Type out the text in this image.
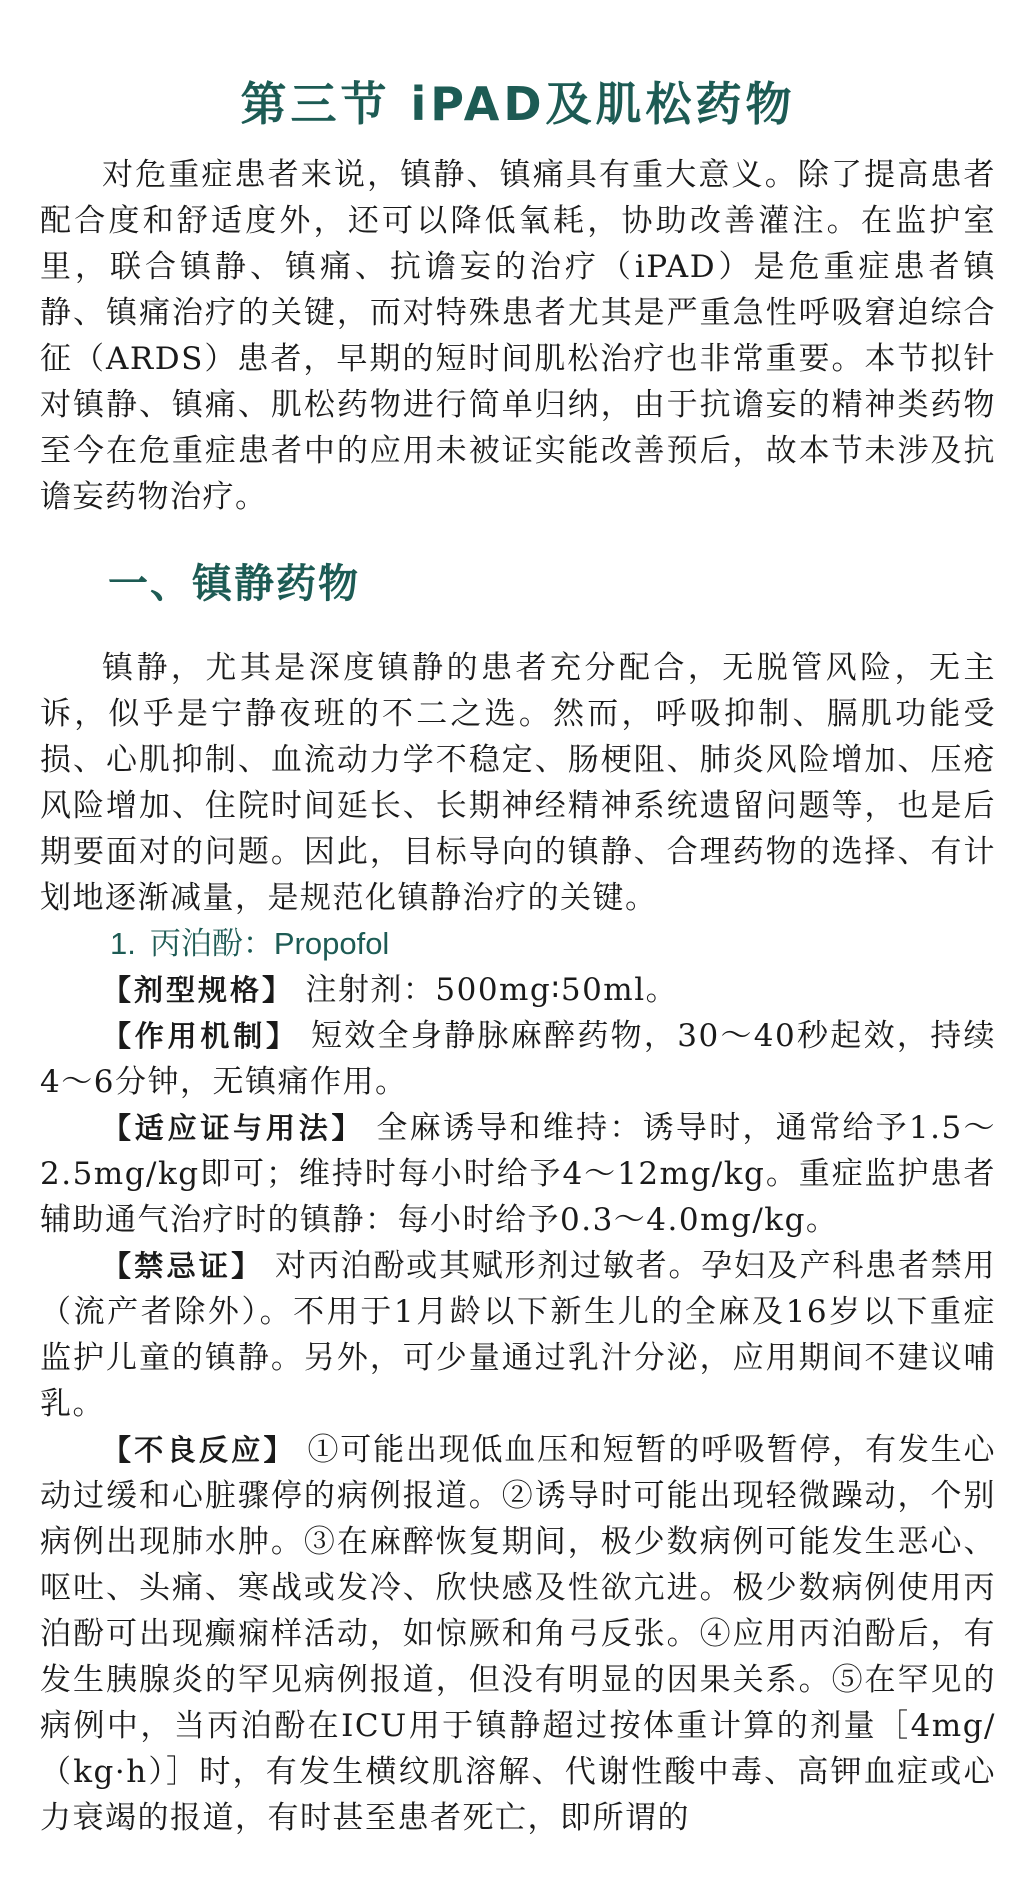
第三节 iPAD及肌松药物

对危重症患者来说，镇静、镇痛具有重大意义。除了提高患者配合度和舒适度外，还可以降低氧耗，协助改善灌注。在监护室里，联合镇静、镇痛、抗谵妄的治疗（iPAD）是危重症患者镇静、镇痛治疗的关键，而对特殊患者尤其是严重急性呼吸窘迫综合征（ARDS）患者，早期的短时间肌松治疗也非常重要。本节拟针对镇静、镇痛、肌松药物进行简单归纳，由于抗谵妄的精神类药物至今在危重症患者中的应用未被证实能改善预后，故本节未涉及抗谵妄药物治疗。

一、镇静药物

镇静，尤其是深度镇静的患者充分配合，无脱管风险，无主诉，似乎是宁静夜班的不二之选。然而，呼吸抑制、膈肌功能受损、心肌抑制、血流动力学不稳定、肠梗阻、肺炎风险增加、压疮风险增加、住院时间延长、长期神经精神系统遗留问题等，也是后期要面对的问题。因此，目标导向的镇静、合理药物的选择、有计划地逐渐减量，是规范化镇静治疗的关键。

1. 丙泊酚：Propofol

【剂型规格】 注射剂：500mg∶50ml。

【作用机制】 短效全身静脉麻醉药物，30～40秒起效，持续4～6分钟，无镇痛作用。

【适应证与用法】 全麻诱导和维持：诱导时，通常给予1.5～2.5mg/kg即可；维持时每小时给予4～12mg/kg。重症监护患者辅助通气治疗时的镇静：每小时给予0.3～4.0mg/kg。

【禁忌证】 对丙泊酚或其赋形剂过敏者。孕妇及产科患者禁用（流产者除外）。不用于1月龄以下新生儿的全麻及16岁以下重症监护儿童的镇静。另外，可少量通过乳汁分泌，应用期间不建议哺乳。

【不良反应】 ①可能出现低血压和短暂的呼吸暂停，有发生心动过缓和心脏骤停的病例报道。②诱导时可能出现轻微躁动，个别病例出现肺水肿。③在麻醉恢复期间，极少数病例可能发生恶心、呕吐、头痛、寒战或发冷、欣快感及性欲亢进。极少数病例使用丙泊酚可出现癫痫样活动，如惊厥和角弓反张。④应用丙泊酚后，有发生胰腺炎的罕见病例报道，但没有明显的因果关系。⑤在罕见的病例中，当丙泊酚在ICU用于镇静超过按体重计算的剂量［4mg/（kg·h）］时，有发生横纹肌溶解、代谢性酸中毒、高钾血症或心力衰竭的报道，有时甚至患者死亡，即所谓的
